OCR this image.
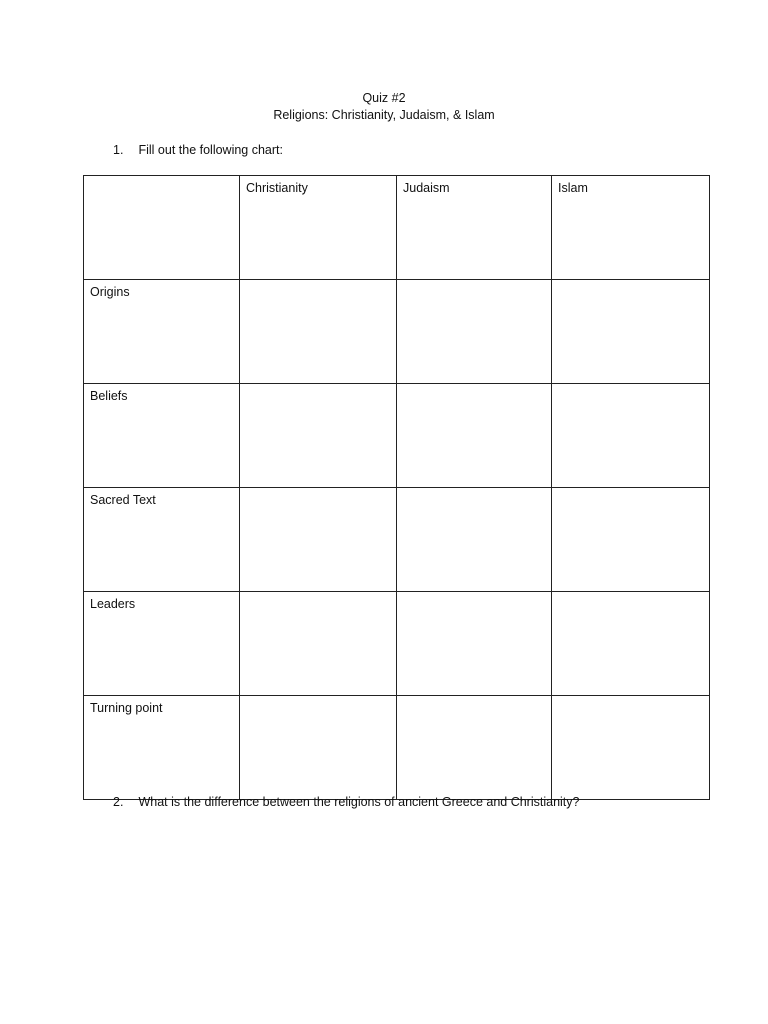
Quiz #2
Religions: Christianity, Judaism, & Islam
1. Fill out the following chart:

	Christianity	Judaism	Islam

Origins			

Beliefs			

Sacred Text			

Leaders			

Turning point			

2. What is the difference between the religions of ancient Greece and Christianity?
